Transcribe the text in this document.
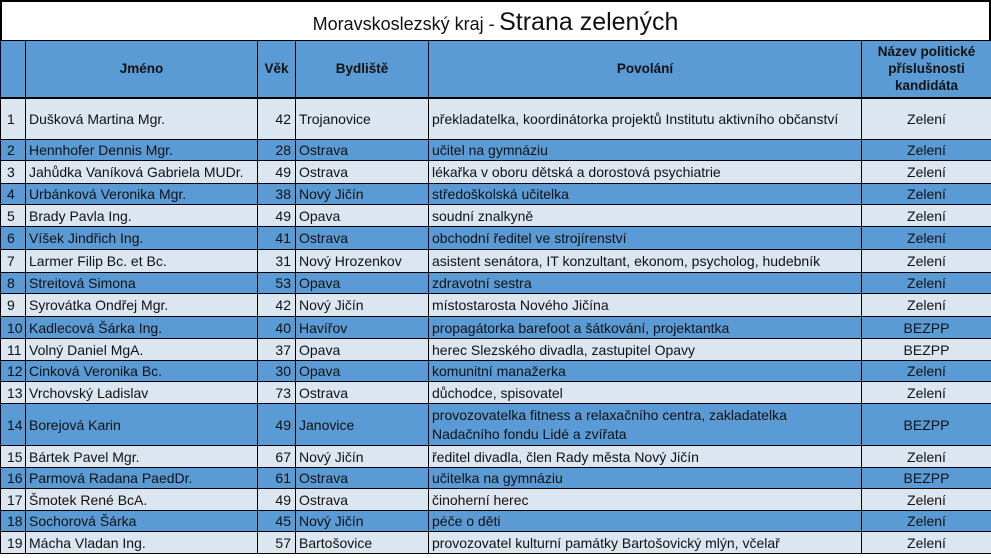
Moravskoslezský kraj - Strana zelených
	Jméno	Věk	Bydliště	Povolání	Název politické příslušnosti kandidáta
1	Dušková Martina Mgr.	42	Trojanovice	překladatelka, koordinátorka projektů Institutu aktivního občanství	Zelení
2	Hennhofer Dennis Mgr.	28	Ostrava	učitel na gymnáziu	Zelení
3	Jahůdka Vaníková Gabriela MUDr.	49	Ostrava	lékařka v oboru dětská a dorostová psychiatrie	Zelení
4	Urbánková Veronika Mgr.	38	Nový Jičín	středoškolská učitelka	Zelení
5	Brady Pavla Ing.	49	Opava	soudní znalkyně	Zelení
6	Víšek Jindřich Ing.	41	Ostrava	obchodní ředitel ve strojírenství	Zelení
7	Larmer Filip Bc. et Bc.	31	Nový Hrozenkov	asistent senátora, IT konzultant, ekonom, psycholog, hudebník	Zelení
8	Streitová Simona	53	Opava	zdravotní sestra	Zelení
9	Syrovátka Ondřej Mgr.	42	Nový Jičín	místostarosta Nového Jičína	Zelení
10	Kadlecová Šárka Ing.	40	Havířov	propagátorka barefoot a šátkování, projektantka	BEZPP
11	Volný Daniel MgA.	37	Opava	herec Slezského divadla, zastupitel Opavy	BEZPP
12	Cinková Veronika Bc.	30	Opava	komunitní manažerka	Zelení
13	Vrchovský Ladislav	73	Ostrava	důchodce, spisovatel	Zelení
14	Borejová Karin	49	Janovice	provozovatelka fitness a relaxačního centra, zakladatelka Nadačního fondu Lidé a zvířata	BEZPP
15	Bártek Pavel Mgr.	67	Nový Jičín	ředitel divadla, člen Rady města Nový Jičín	Zelení
16	Parmová Radana PaedDr.	61	Ostrava	učitelka na gymnáziu	BEZPP
17	Šmotek René BcA.	49	Ostrava	činoherní herec	Zelení
18	Sochorová Šárka	45	Nový Jičín	péče o děti	Zelení
19	Mácha Vladan Ing.	57	Bartošovice	provozovatel kulturní památky Bartošovický mlýn, včelař	Zelení
